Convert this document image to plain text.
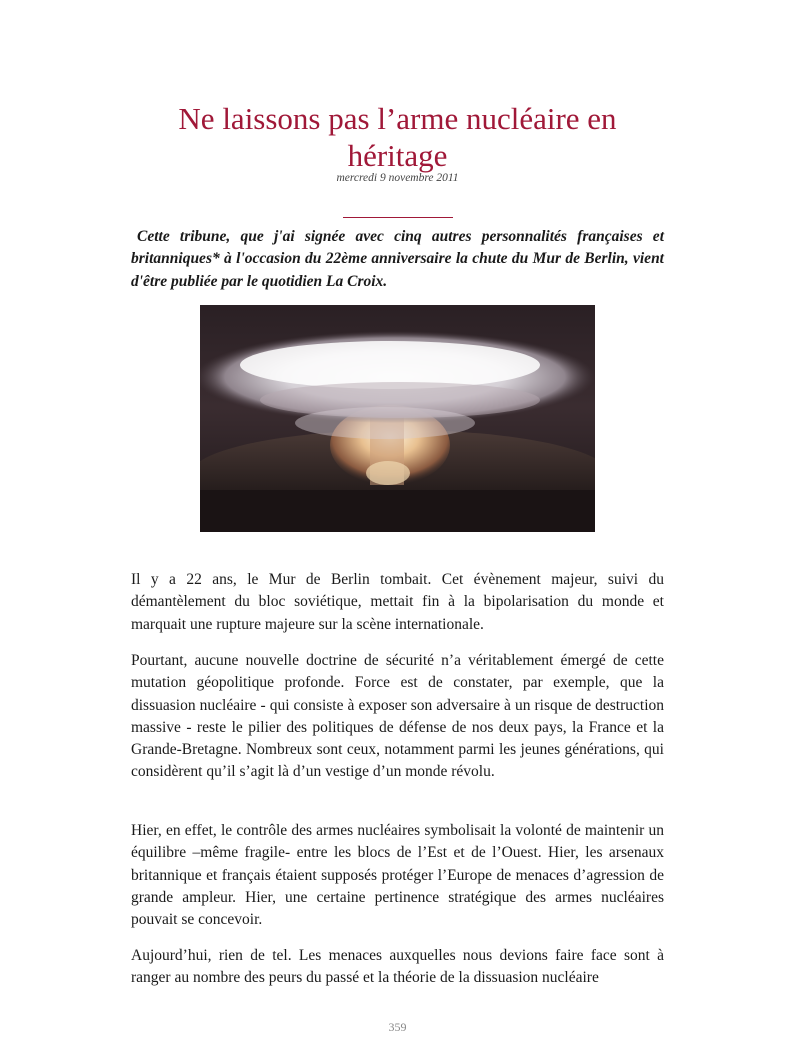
Ne laissons pas l’arme nucléaire en héritage
mercredi 9 novembre 2011

Cette tribune, que j'ai signée avec cinq autres personnalités françaises et britanniques* à l'occasion du 22ème anniversaire la chute du Mur de Berlin, vient d'être publiée par le quotidien La Croix.

Il y a 22 ans, le Mur de Berlin tombait. Cet évènement majeur, suivi du démantèlement du bloc soviétique, mettait fin à la bipolarisation du monde et marquait une rupture majeure sur la scène internationale.

Pourtant, aucune nouvelle doctrine de sécurité n’a véritablement émergé de cette mutation géopolitique profonde. Force est de constater, par exemple, que la dissuasion nucléaire - qui consiste à exposer son adversaire à un risque de destruction massive - reste le pilier des politiques de défense de nos deux pays, la France et la Grande-Bretagne. Nombreux sont ceux, notamment parmi les jeunes générations, qui considèrent qu’il s’agit là d’un vestige d’un monde révolu.

Hier, en effet, le contrôle des armes nucléaires symbolisait la volonté de maintenir un équilibre –même fragile- entre les blocs de l’Est et de l’Ouest. Hier, les arsenaux britannique et français étaient supposés protéger l’Europe de menaces d’agression de grande ampleur. Hier, une certaine pertinence stratégique des armes nucléaires pouvait se concevoir.

Aujourd’hui, rien de tel. Les menaces auxquelles nous devions faire face sont à ranger au nombre des peurs du passé et la théorie de la dissuasion nucléaire

359
